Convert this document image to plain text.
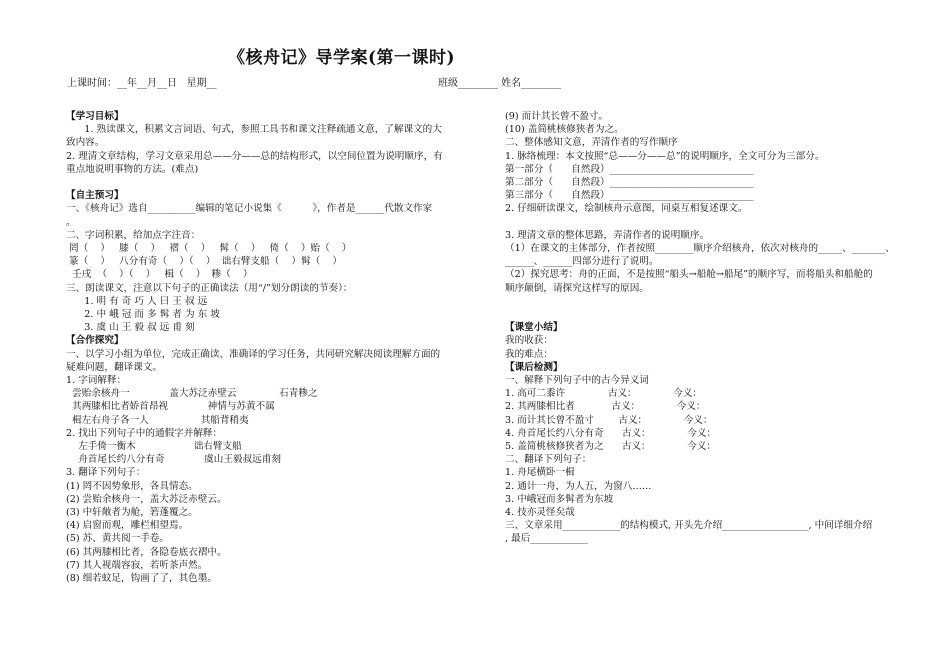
《核舟记》导学案(第一课时)
上课时间：__年__月__日   星期__	班级________ 姓名________
【学习目标】
1. 熟读课文，积累文言词语、句式，参照工具书和课文注释疏通文意，了解课文的大
致内容。
2. 理清文章结构，学习文章采用总——分——总的结构形式，以空间位置为说明顺序，有
重点地说明事物的方法。(难点)
【自主预习】
一、《核舟记》选自__________编辑的笔记小说集《          》，作者是______代散文作家
。
二、字词积累，给加点字注音：
罔（    ）   膝（    ）   褶（    ）   髯（    ）   倚（    ）贻（    ）
篆（    ）   八分有奇（    ）（    ）  诎右臂支船（    ）髯（    ）
壬戌  （    ）（    ）   楫（    ）  糁（    ）
三、朗读课文，注意以下句子的正确读法（用“/”划分朗读的节奏）：
1. 明 有 奇 巧 人 曰 王 叔 远
2. 中 峨 冠 而 多 髯 者 为 东 坡
3. 虞 山 王 毅 叔 远 甫 刻
【合作探究】
一、以学习小组为单位，完成正确读、准确译的学习任务，共同研究解决阅读理解方面的
疑难问题，翻译课文。
1. 字词解释：
尝贻余核舟一             盖大苏泛赤壁云              石青糁之
其两膝相比者娇首昂视             神情与苏黄不属
楫左右舟子各一人                 其船背稍夷
2. 找出下列句子中的通假字并解释：
左手倚一衡木                   诎右臂支船
舟首尾长约八分有奇             虞山王毅叔远甫刻
3. 翻译下列句子：
(1) 罔不因势象形，各具情态。
(2) 尝贻余核舟一，盖大苏泛赤壁云。
(3) 中轩敞者为舱，箬蓬覆之。
(4) 启窗而观，雕栏相望焉。
(5) 苏、黄共阅一手卷。
(6) 其两膝相比者，各隐卷底衣褶中。
(7) 其人视端容寂，若听茶声然。
(8) 细若蚊足，钩画了了，其色墨。
(9) 而计其长曾不盈寸。
(10) 盖简桃核修狭者为之。
二、整体感知文意，弄清作者的写作顺序
1. 脉络梳理：本文按照“总——分——总”的说明顺序，全文可分为三部分。
第一部分（      自然段）______________________________
第二部分（      自然段）______________________________
第三部分（      自然段）______________________________
2. 仔细研读课文，绘制核舟示意图，同桌互相复述课文。
3. 理清文章的整体思路，弄清作者的说明顺序。
（1）在课文的主体部分，作者按照________顺序介绍核舟，依次对核舟的_____、_______、
______、______四部分进行了说明。
（2）探究思考：舟的正面，不是按照“船头→船舱→船尾”的顺序写，而将船头和船舱的
顺序颠倒，请探究这样写的原因。
【课堂小结】
我的收获：
我的难点：
【课后检测】
一、解释下列句子中的古今异义词
1. 高可二黍许              古义：            今义：
2. 其两膝相比者            古义：            今义：
3. 而计其长曾不盈寸        古义：            今义：
4. 舟首尾长约八分有奇      古义：            今义：
5. 盖简桃核修狭者为之      古义：            今义：
二、翻译下列句子：
1. 舟尾横卧一楫
2. 通计一舟，为人五，为窗八……
3. 中峨冠而多髯者为东坡
4. 技亦灵怪矣哉
三、文章采用____________的结构模式, 开头先介绍__________________, 中间详细介绍
, 最后____________
